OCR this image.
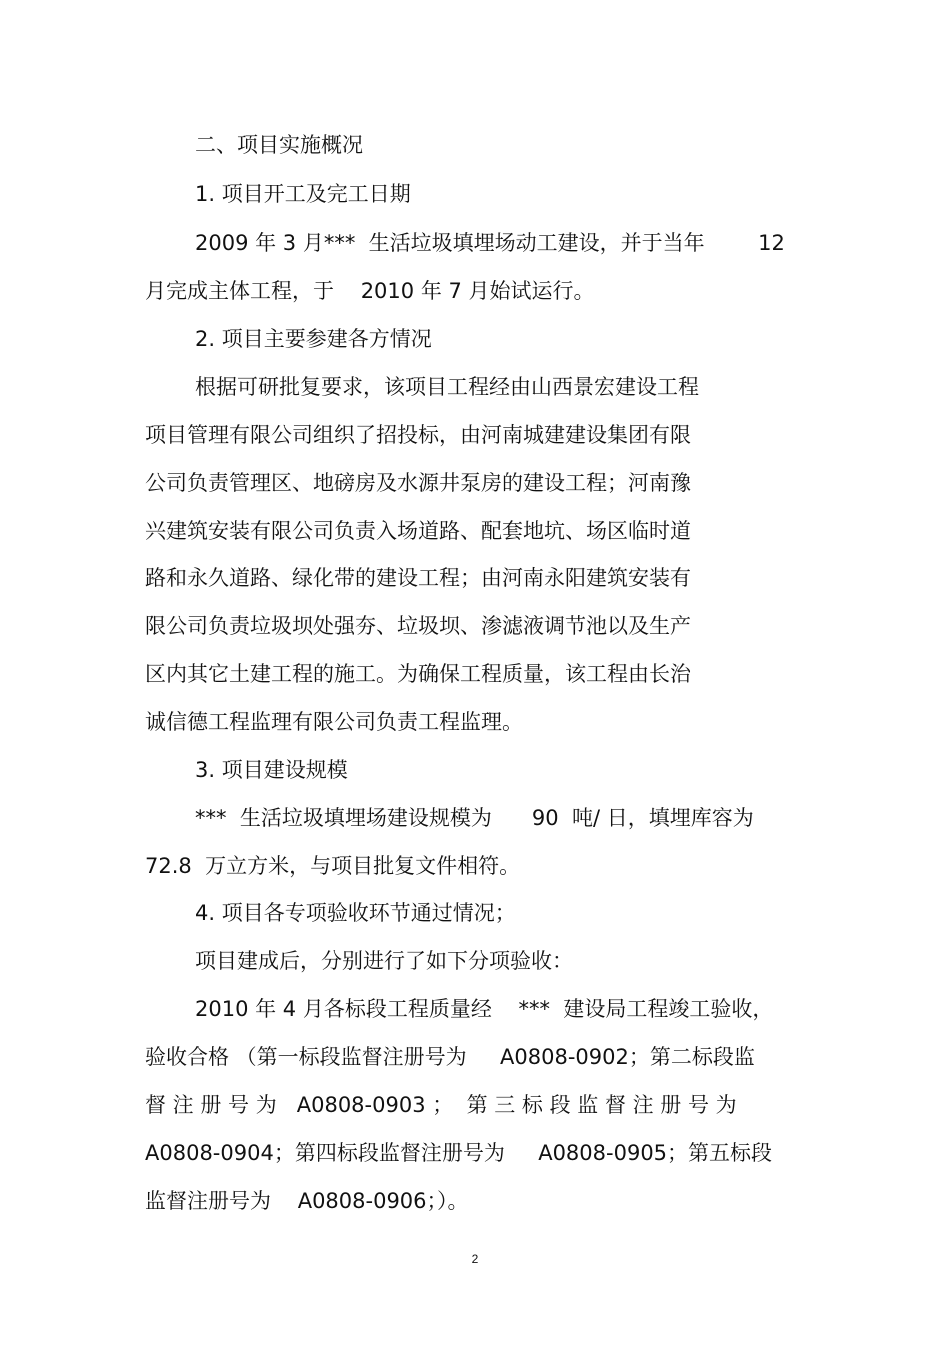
二、项目实施概况
1. 项目开工及完工日期
2009 年 3 月***  生活垃圾填埋场动工建设，并于当年        12
月完成主体工程，于    2010 年 7 月始试运行。
2. 项目主要参建各方情况
根据可研批复要求，该项目工程经由山西景宏建设工程
项目管理有限公司组织了招投标，由河南城建建设集团有限
公司负责管理区、地磅房及水源井泵房的建设工程；河南豫
兴建筑安装有限公司负责入场道路、配套地坑、场区临时道
路和永久道路、绿化带的建设工程；由河南永阳建筑安装有
限公司负责垃圾坝处强夯、垃圾坝、渗滤液调节池以及生产
区内其它土建工程的施工。为确保工程质量，该工程由长治
诚信德工程监理有限公司负责工程监理。
3. 项目建设规模
***  生活垃圾填埋场建设规模为      90  吨/ 日，填埋库容为
72.8  万立方米，与项目批复文件相符。
4. 项目各专项验收环节通过情况；
项目建成后，分别进行了如下分项验收：
2010 年 4 月各标段工程质量经    ***  建设局工程竣工验收，
验收合格 （第一标段监督注册号为     A0808-0902；第二标段监
督 注 册 号 为   A0808-0903 ；  第 三 标 段 监 督 注 册 号 为
A0808-0904；第四标段监督注册号为     A0808-0905；第五标段
监督注册号为    A0808-0906；）。
2
